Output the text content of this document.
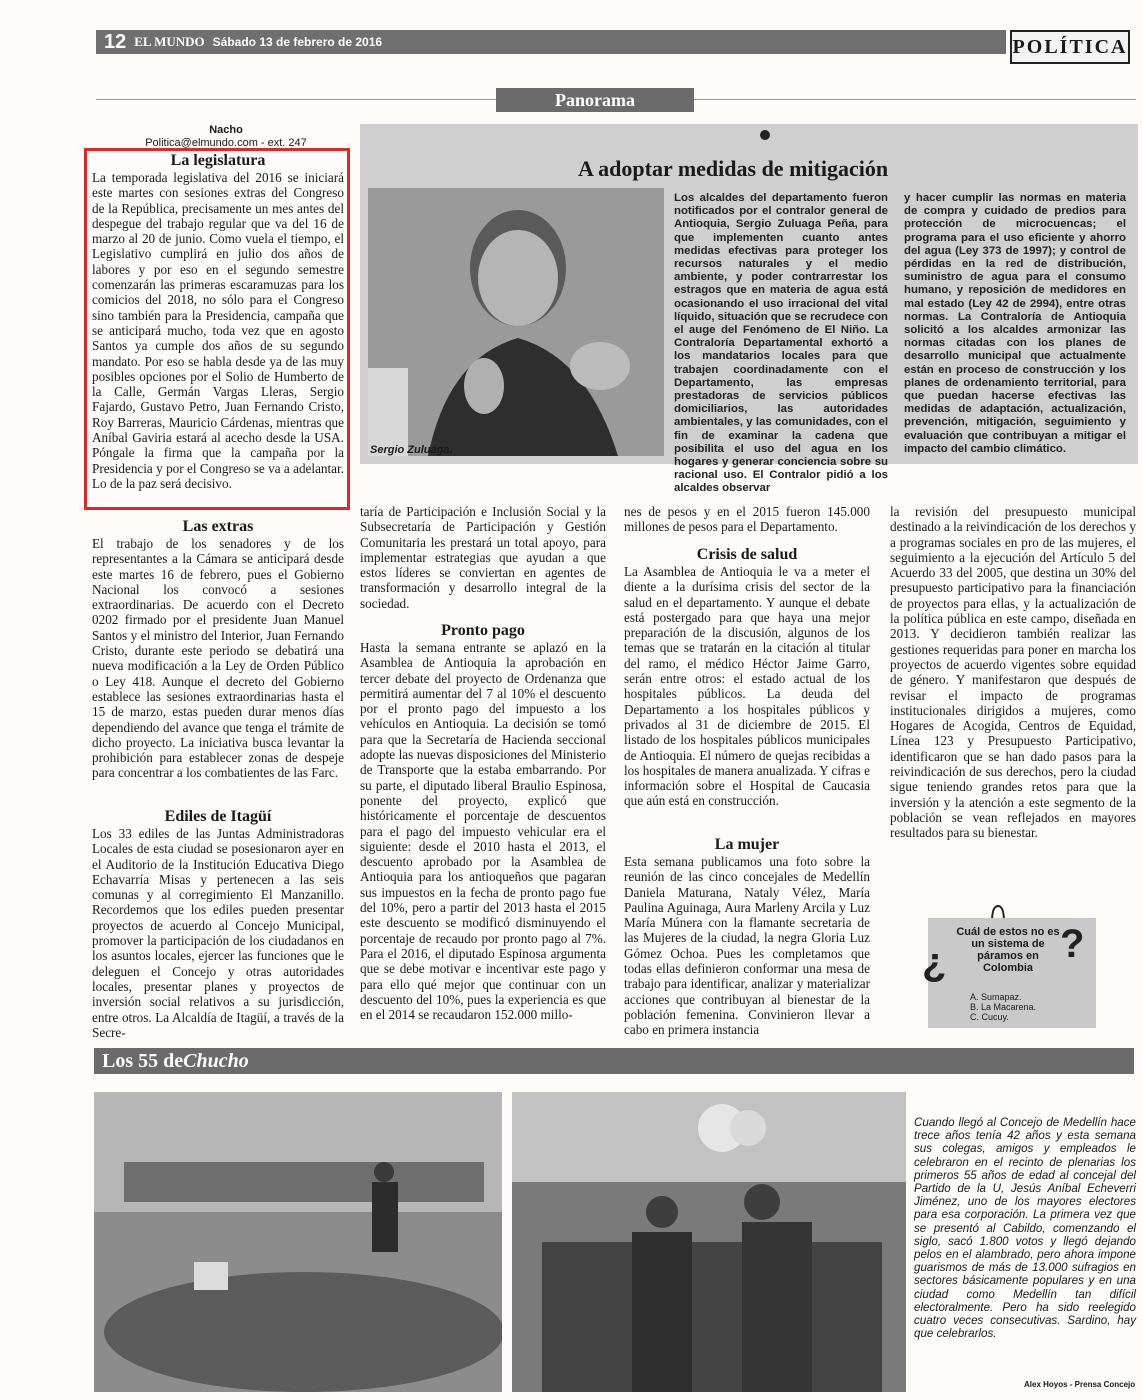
12 EL MUNDO Sábado 13 de febrero de 2016	POLÍTICA
Panorama
Nacho
Politica@elmundo.com - ext. 247
La legislatura

La temporada legislativa del 2016 se iniciará este martes con sesiones extras del Congreso de la República, precisamente un mes antes del despegue del trabajo regular que va del 16 de marzo al 20 de junio. Como vuela el tiempo, el Legislativo cumplirá en julio dos años de labores y por eso en el segundo semestre comenzarán las primeras escaramuzas para los comicios del 2018, no sólo para el Congreso sino también para la Presidencia, campaña que se anticipará mucho, toda vez que en agosto Santos ya cumple dos años de su segundo mandato. Por eso se habla desde ya de las muy posibles opciones por el Solio de Humberto de la Calle, Germán Vargas Lleras, Sergio Fajardo, Gustavo Petro, Juan Fernando Cristo, Roy Barreras, Mauricio Cárdenas, mientras que Aníbal Gaviria estará al acecho desde la USA. Póngale la firma que la campaña por la Presidencia y por el Congreso se va a adelantar. Lo de la paz será decisivo.

Las extras

El trabajo de los senadores y de los representantes a la Cámara se anticipará desde este martes 16 de febrero, pues el Gobierno Nacional los convocó a sesiones extraordinarias. De acuerdo con el Decreto 0202 firmado por el presidente Juan Manuel Santos y el ministro del Interior, Juan Fernando Cristo, durante este periodo se debatirá una nueva modificación a la Ley de Orden Público o Ley 418. Aunque el decreto del Gobierno establece las sesiones extraordinarias hasta el 15 de marzo, estas pueden durar menos días dependiendo del avance que tenga el trámite de dicho proyecto. La iniciativa busca levantar la prohibición para establecer zonas de despeje para concentrar a los combatientes de las Farc.

Ediles de Itagüí

Los 33 ediles de las Juntas Administradoras Locales de esta ciudad se posesionaron ayer en el Auditorio de la Institución Educativa Diego Echavarría Misas y pertenecen a las seis comunas y al corregimiento El Manzanillo. Recordemos que los ediles pueden presentar proyectos de acuerdo al Concejo Municipal, promover la participación de los ciudadanos en los asuntos locales, ejercer las funciones que le deleguen el Concejo y otras autoridades locales, presentar planes y proyectos de inversión social relativos a su jurisdicción, entre otros. La Alcaldía de Itagüí, a través de la Secre-

A adoptar medidas de mitigación
Sergio Zuluaga.
Los alcaldes del departamento fueron notificados por el contralor general de Antioquia, Sergio Zuluaga Peña, para que implementen cuanto antes medidas efectivas para proteger los recursos naturales y el medio ambiente, y poder contrarrestar los estragos que en materia de agua está ocasionando el uso irracional del vital líquido, situación que se recrudece con el auge del Fenómeno de El Niño. La Contraloría Departamental exhortó a los mandatarios locales para que trabajen coordinadamente con el Departamento, las empresas prestadoras de servicios públicos domiciliarios, las autoridades ambientales, y las comunidades, con el fin de examinar la cadena que posibilita el uso del agua en los hogares y generar conciencia sobre su racional uso. El Contralor pidió a los alcaldes observar
y hacer cumplir las normas en materia de compra y cuidado de predios para protección de microcuencas; el programa para el uso eficiente y ahorro del agua (Ley 373 de 1997); y control de pérdidas en la red de distribución, suministro de agua para el consumo humano, y reposición de medidores en mal estado (Ley 42 de 2994), entre otras normas. La Contraloría de Antioquia solicitó a los alcaldes armonizar las normas citadas con los planes de desarrollo municipal que actualmente están en proceso de construcción y los planes de ordenamiento territorial, para que puedan hacerse efectivas las medidas de adaptación, actualización, prevención, mitigación, seguimiento y evaluación que contribuyan a mitigar el impacto del cambio climático.
taría de Participación e Inclusión Social y la Subsecretaría de Participación y Gestión Comunitaria les prestará un total apoyo, para implementar estrategias que ayudan a que estos líderes se conviertan en agentes de transformación y desarrollo integral de la sociedad.
Pronto pago

Hasta la semana entrante se aplazó en la Asamblea de Antioquia la aprobación en tercer debate del proyecto de Ordenanza que permitirá aumentar del 7 al 10% el descuento por el pronto pago del impuesto a los vehículos en Antioquia. La decisión se tomó para que la Secretaría de Hacienda seccional adopte las nuevas disposiciones del Ministerio de Transporte que la estaba embarrando. Por su parte, el diputado liberal Braulio Espinosa, ponente del proyecto, explicó que históricamente el porcentaje de descuentos para el pago del impuesto vehicular era el siguiente: desde el 2010 hasta el 2013, el descuento aprobado por la Asamblea de Antioquia para los antioqueños que pagaran sus impuestos en la fecha de pronto pago fue del 10%, pero a partir del 2013 hasta el 2015 este descuento se modificó disminuyendo el porcentaje de recaudo por pronto pago al 7%. Para el 2016, el diputado Espinosa argumenta que se debe motivar e incentivar este pago y para ello qué mejor que continuar con un descuento del 10%, pues la experiencia es que en el 2014 se recaudaron 152.000 millo-

nes de pesos y en el 2015 fueron 145.000 millones de pesos para el Departamento.
Crisis de salud

La Asamblea de Antioquia le va a meter el diente a la durísima crisis del sector de la salud en el departamento. Y aunque el debate está postergado para que haya una mejor preparación de la discusión, algunos de los temas que se tratarán en la citación al titular del ramo, el médico Héctor Jaime Garro, serán entre otros: el estado actual de los hospitales públicos. La deuda del Departamento a los hospitales públicos y privados al 31 de diciembre de 2015. El listado de los hospitales públicos municipales de Antioquia. El número de quejas recibidas a los hospitales de manera anualizada. Y cifras e información sobre el Hospital de Caucasia que aún está en construcción.

La mujer

Esta semana publicamos una foto sobre la reunión de las cinco concejales de Medellín Daniela Maturana, Nataly Vélez, María Paulina Aguinaga, Aura Marleny Arcila y Luz María Múnera con la flamante secretaria de las Mujeres de la ciudad, la negra Gloria Luz Gómez Ochoa. Pues les completamos que todas ellas definieron conformar una mesa de trabajo para identificar, analizar y materializar acciones que contribuyan al bienestar de la población femenina. Convinieron llevar a cabo en primera instancia

la revisión del presupuesto municipal destinado a la reivindicación de los derechos y a programas sociales en pro de las mujeres, el seguimiento a la ejecución del Artículo 5 del Acuerdo 33 del 2005, que destina un 30% del presupuesto participativo para la financiación de proyectos para ellas, y la actualización de la política pública en este campo, diseñada en 2013. Y decidieron también realizar las gestiones requeridas para poner en marcha los proyectos de acuerdo vigentes sobre equidad de género. Y manifestaron que después de revisar el impacto de programas institucionales dirigidos a mujeres, como Hogares de Acogida, Centros de Equidad, Línea 123 y Presupuesto Participativo, identificaron que se han dado pasos para la reivindicación de sus derechos, pero la ciudad sigue teniendo grandes retos para que la inversión y la atención a este segmento de la población se vean reflejados en mayores resultados para su bienestar.
¿	?
Cuál de estos no es un sistema de páramos en Colombia
A. Sumapaz.
B. La Macarena.
C. Cucuy.
Los 55 de Chucho
Cuando llegó al Concejo de Medellín hace trece años tenía 42 años y esta semana sus colegas, amigos y empleados le celebraron en el recinto de plenarias los primeros 55 años de edad al concejal del Partido de la U, Jesús Aníbal Echeverri Jiménez, uno de los mayores electores para esa corporación. La primera vez que se presentó al Cabildo, comenzando el siglo, sacó 1.800 votos y llegó dejando pelos en el alambrado, pero ahora impone guarismos de más de 13.000 sufragios en sectores básicamente populares y en una ciudad como Medellín tan difícil electoralmente. Pero ha sido reelegido cuatro veces consecutivas. Sardino, hay que celebrarlos.
Alex Hoyos - Prensa Concejo
